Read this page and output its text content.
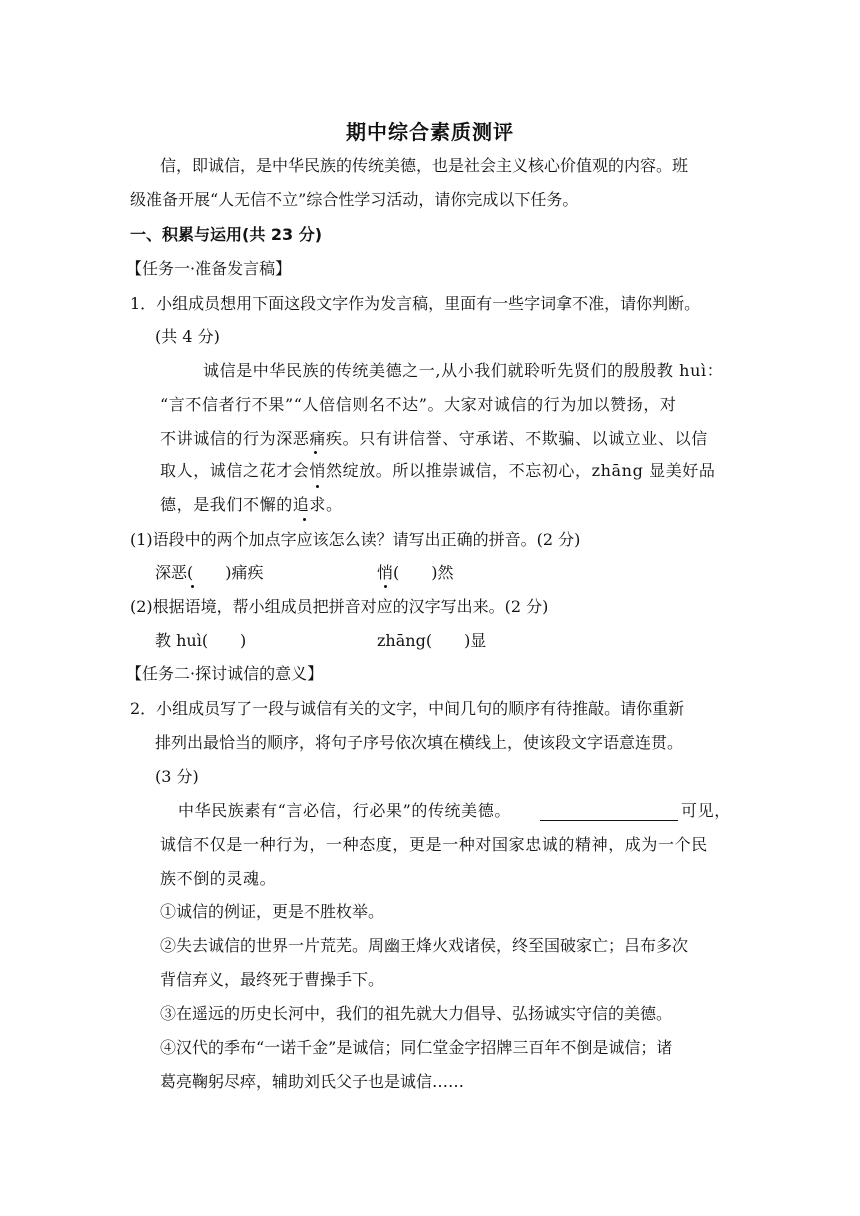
期中综合素质测评
信，即诚信，是中华民族的传统美德，也是社会主义核心价值观的内容。班
级准备开展“人无信不立”综合性学习活动，请你完成以下任务。
一、积累与运用(共 23 分)
【任务一·准备发言稿】
1．小组成员想用下面这段文字作为发言稿，里面有一些字词拿不准，请你判断。
(共 4 分)
诚信是中华民族的传统美德之一,从小我们就聆听先贤们的殷殷教 huì：
“言不信者行不果”“人倍信则名不达”。大家对诚信的行为加以赞扬，对
不讲诚信的行为深恶痛疾。只有讲信誉、守承诺、不欺骗、以诚立业、以信
取人，诚信之花才会悄然绽放。所以推崇诚信，不忘初心，zhāng 显美好品
德，是我们不懈的追求。
(1)语段中的两个加点字应该怎么读？请写出正确的拼音。(2 分)
深恶(　　)痛疾	悄(　　)然
(2)根据语境，帮小组成员把拼音对应的汉字写出来。(2 分)
教 huì(　　)	zhāng(　　)显
【任务二·探讨诚信的意义】
2．小组成员写了一段与诚信有关的文字，中间几句的顺序有待推敲。请你重新
排列出最恰当的顺序，将句子序号依次填在横线上，使该段文字语意连贯。
(3 分)
中华民族素有“言必信，行必果”的传统美德。	可见，
诚信不仅是一种行为，一种态度，更是一种对国家忠诚的精神，成为一个民
族不倒的灵魂。
①诚信的例证，更是不胜枚举。
②失去诚信的世界一片荒芜。周幽王烽火戏诸侯，终至国破家亡；吕布多次
背信弃义，最终死于曹操手下。
③在遥远的历史长河中，我们的祖先就大力倡导、弘扬诚实守信的美德。
④汉代的季布“一诺千金”是诚信；同仁堂金字招牌三百年不倒是诚信；诸
葛亮鞠躬尽瘁，辅助刘氏父子也是诚信……
